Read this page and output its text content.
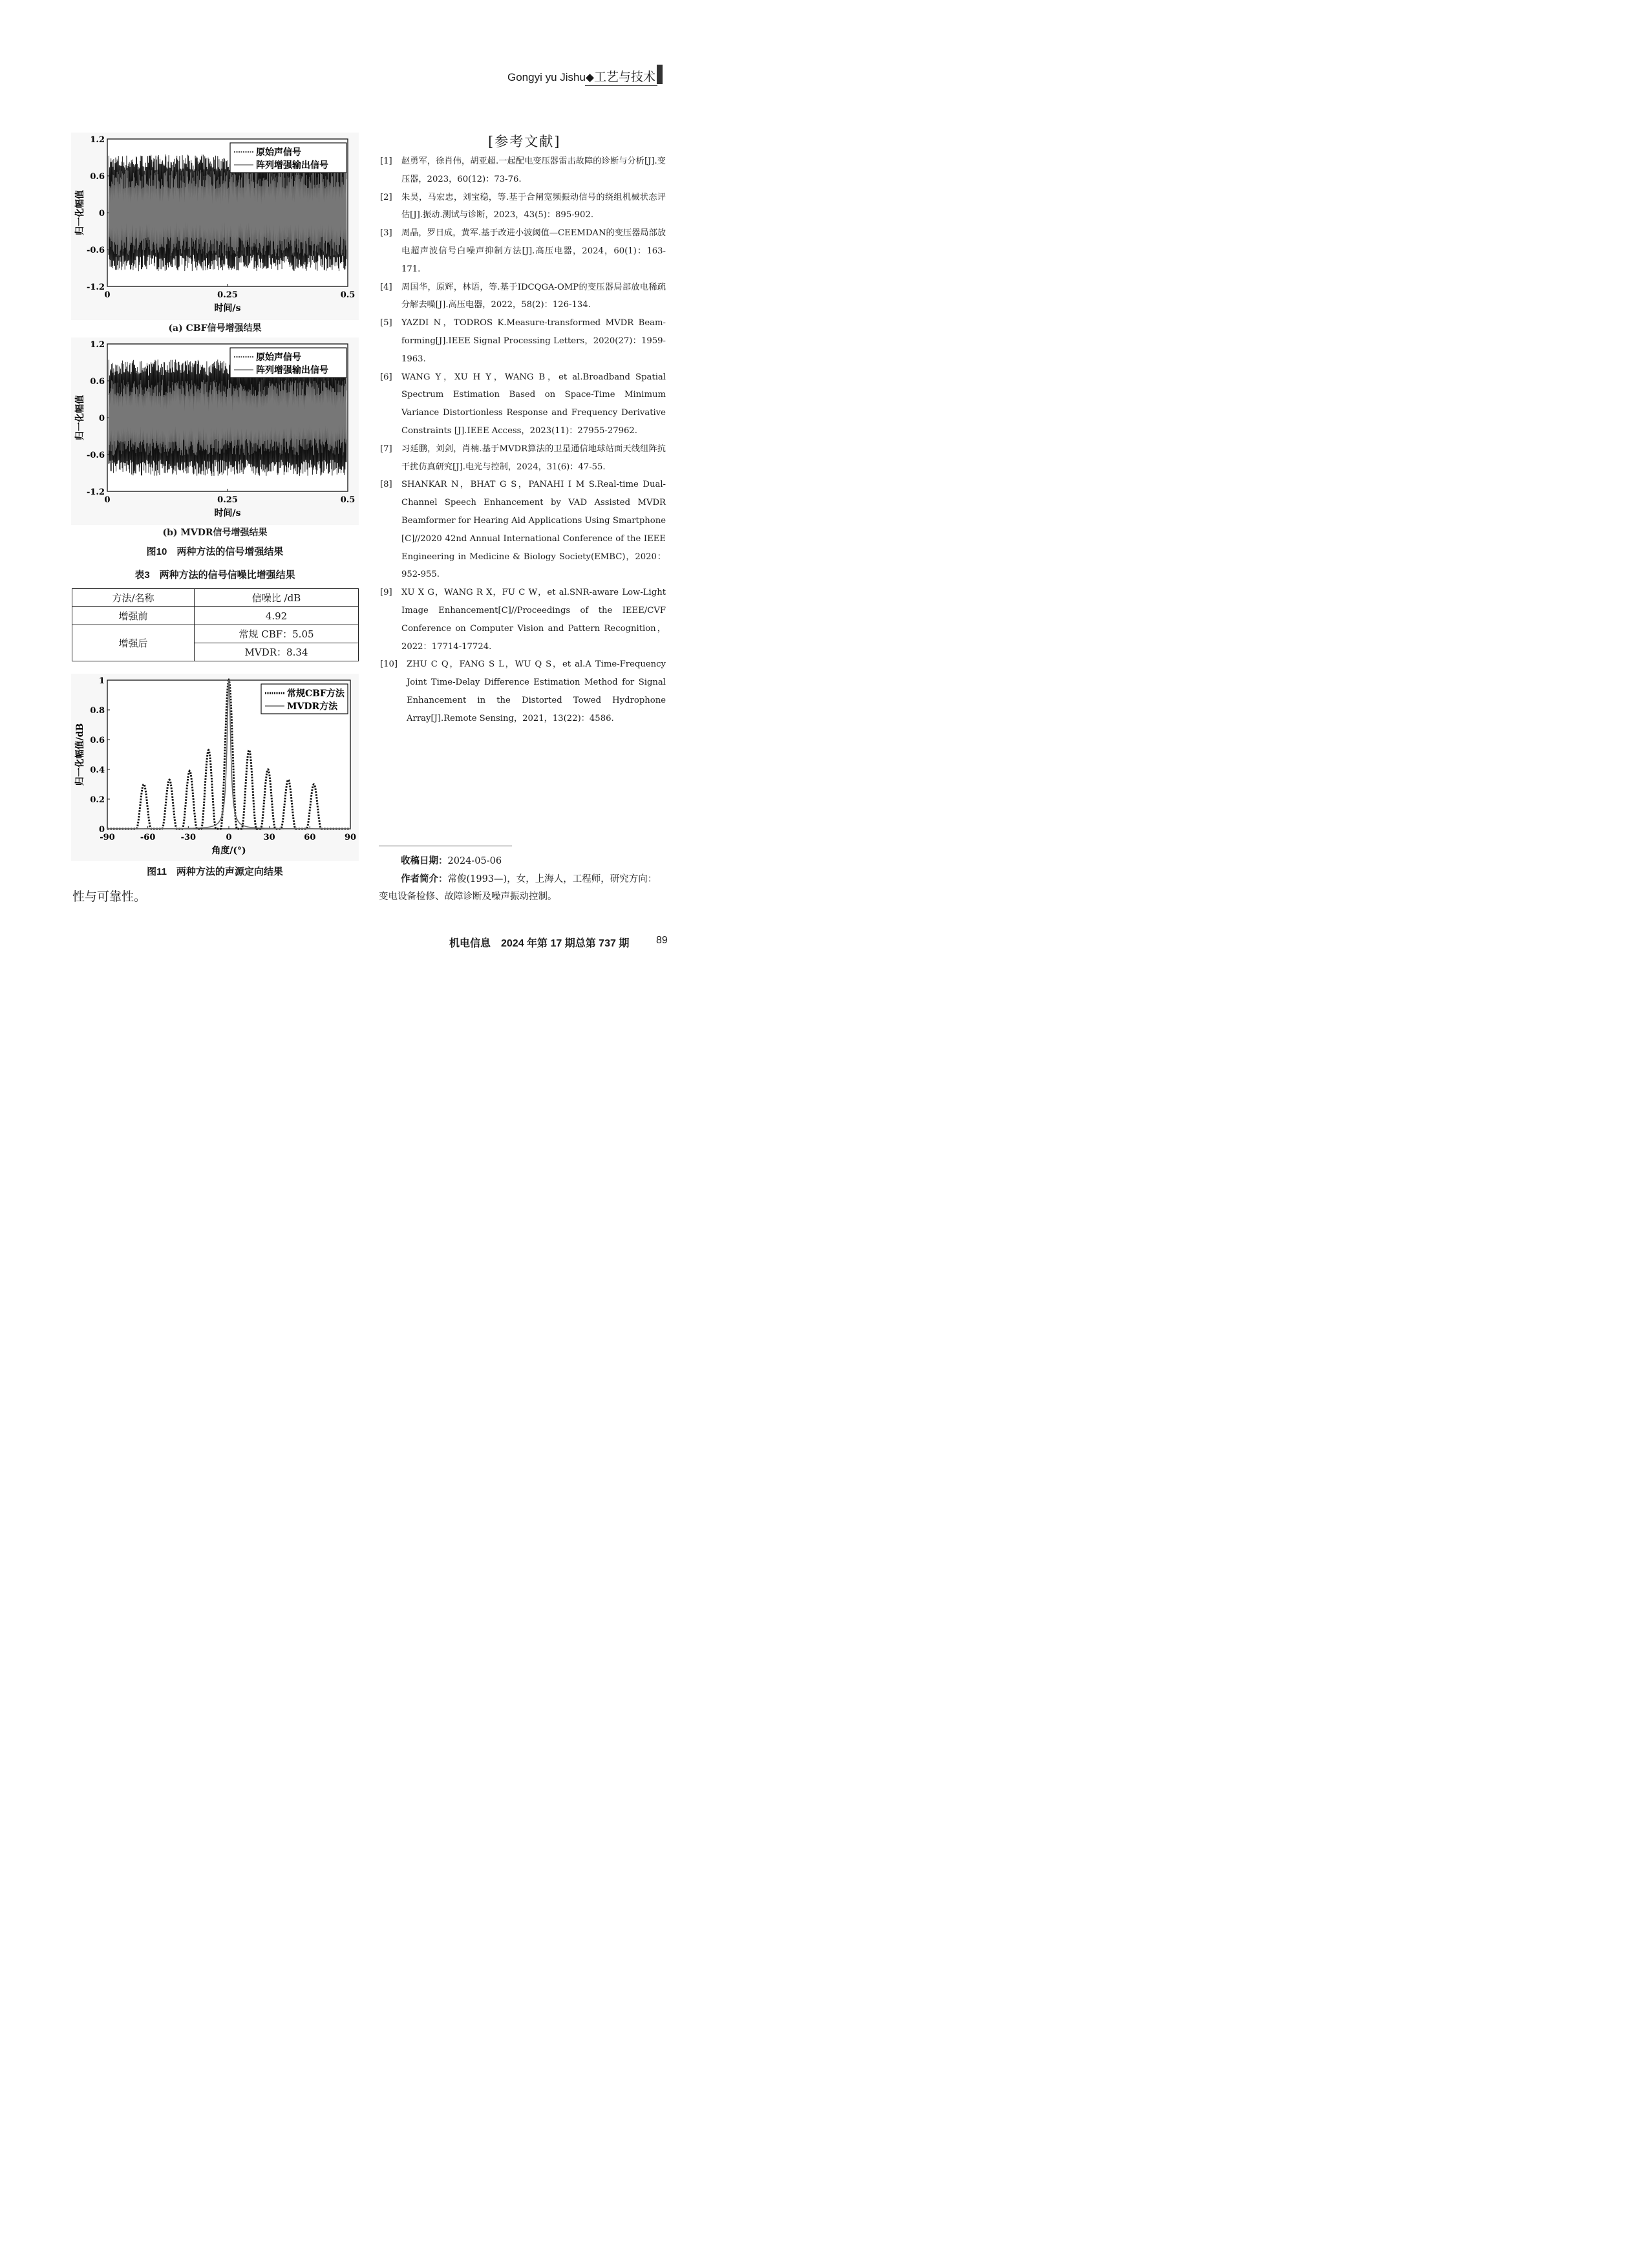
Gongyi yu Jishu◆工艺与技术
1.2
0.6
0
-0.6
-1.2
0	0.25	0.5
时间/s
归一化幅值
原始声信号
阵列增强输出信号
(a) CBF信号增强结果
1.2
0.6
0
-0.6
-1.2
0	0.25	0.5
时间/s
归一化幅值
原始声信号
阵列增强输出信号
(b) MVDR信号增强结果
图10　两种方法的信号增强结果
表3　两种方法的信号信噪比增强结果
方法/名称	信噪比 /dB
增强前	4.92
增强后	常规 CBF：5.05
	MVDR：8.34
1
0.8
0.6
0.4
0.2
0
-90	-60	-30	0	30	60	90
角度/(°)
归一化幅值/dB
常规CBF方法
MVDR方法
图11　两种方法的声源定向结果
性与可靠性。
[参考文献]
[1] 赵勇军，徐肖伟，胡亚超.一起配电变压器雷击故障的诊断与分析[J].变压器，2023，60(12)：73-76.
[2] 朱昊，马宏忠，刘宝稳，等.基于合闸宽频振动信号的绕组机械状态评估[J].振动.测试与诊断，2023，43(5)：895-902.
[3] 周晶，罗日成，黄军.基于改进小波阈值—CEEMDAN的变压器局部放电超声波信号白噪声抑制方法[J].高压电器，2024，60(1)：163-171.
[4] 周国华，原辉，林语，等.基于IDCQGA-OMP的变压器局部放电稀疏分解去噪[J].高压电器，2022，58(2)：126-134.
[5] YAZDI N，TODROS K.Measure-transformed MVDR Beam-forming[J].IEEE Signal Processing Letters，2020(27)：1959-1963.
[6] WANG Y，XU H Y，WANG B，et al.Broadband Spatial Spectrum Estimation Based on Space-Time Minimum Variance Distortionless Response and Frequency Derivative Constraints [J].IEEE Access，2023(11)：27955-27962.
[7] 习延鹏，刘剑，肖楠.基于MVDR算法的卫星通信地球站面天线组阵抗干扰仿真研究[J].电光与控制，2024，31(6)：47-55.
[8] SHANKAR N，BHAT G S，PANAHI I M S.Real-time Dual-Channel Speech Enhancement by VAD Assisted MVDR Beamformer for Hearing Aid Applications Using Smartphone [C]//2020 42nd Annual International Conference of the IEEE Engineering in Medicine & Biology Society(EMBC)，2020：952-955.
[9] XU X G，WANG R X，FU C W，et al.SNR-aware Low-Light Image Enhancement[C]//Proceedings of the IEEE/CVF Conference on Computer Vision and Pattern Recognition，2022：17714-17724.
[10] ZHU C Q，FANG S L，WU Q S，et al.A Time-Frequency Joint Time-Delay Difference Estimation Method for Signal Enhancement in the Distorted Towed Hydrophone Array[J].Remote Sensing，2021，13(22)：4586.
收稿日期：2024-05-06
作者简介：常俊(1993—)，女，上海人，工程师，研究方向：变电设备检修、故障诊断及噪声振动控制。
机电信息　2024 年第 17 期总第 737 期	89
